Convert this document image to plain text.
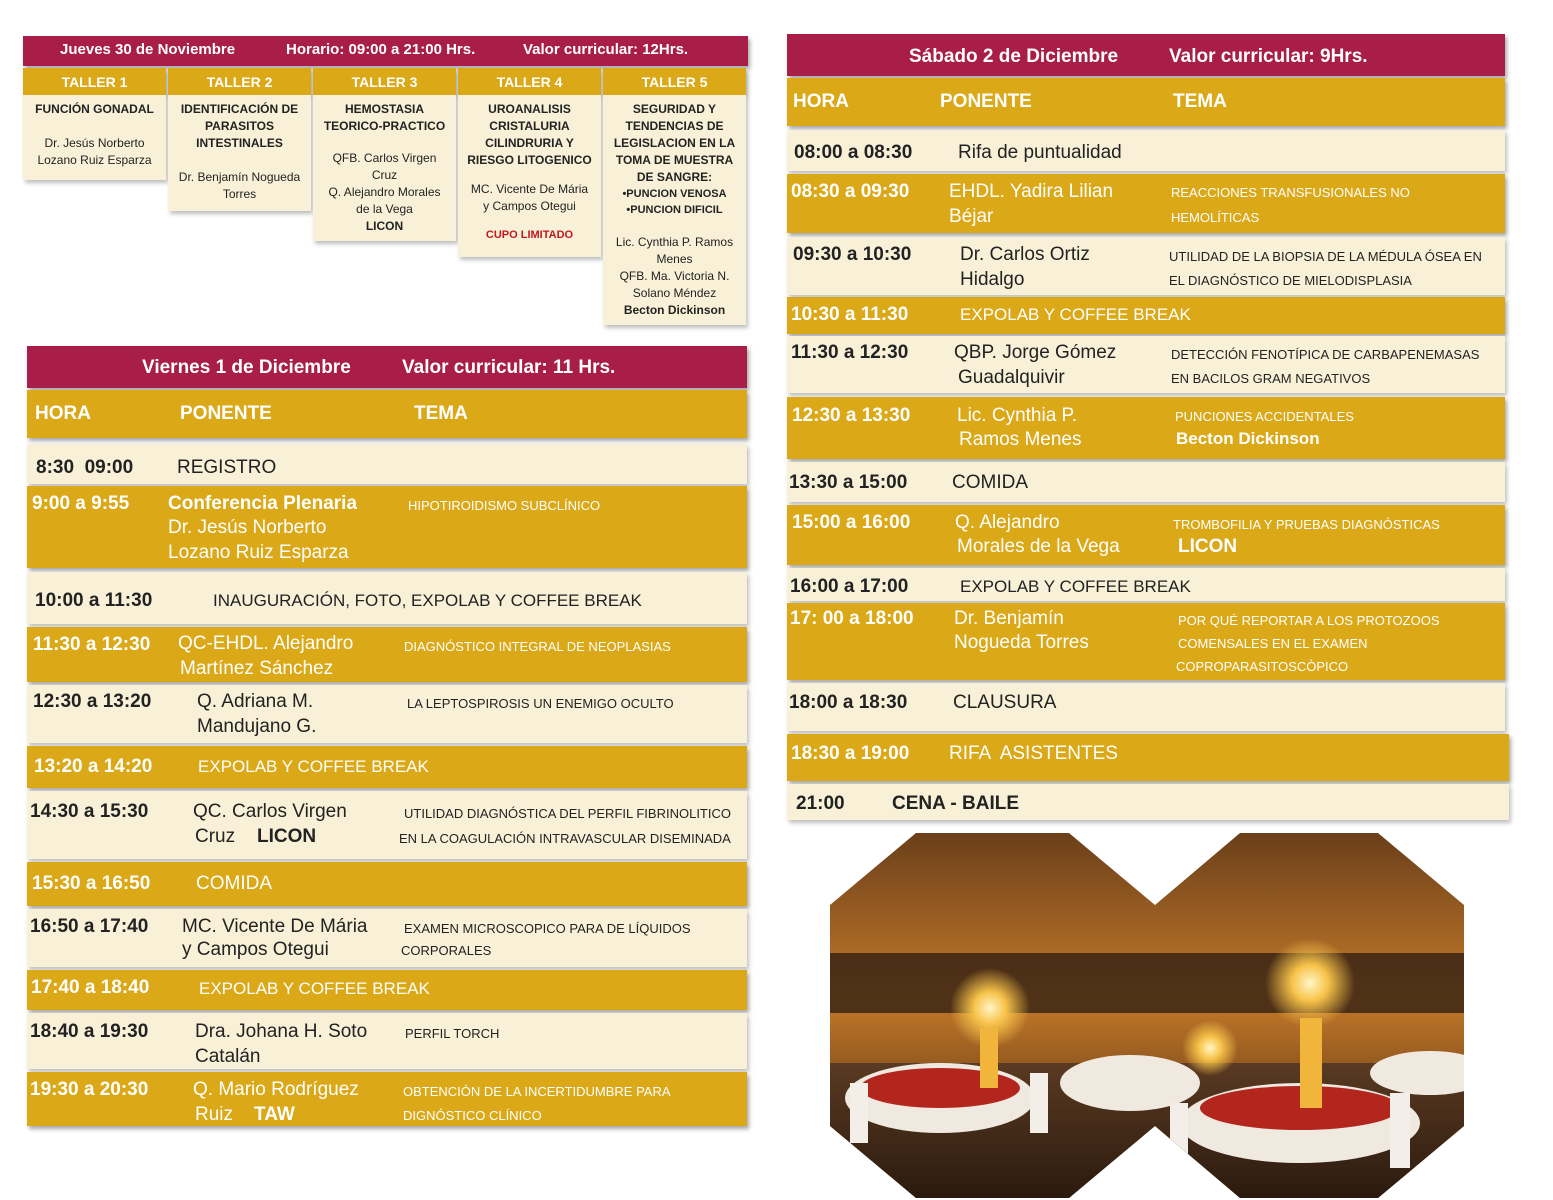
Jueves 30 de Noviembre	Horario: 09:00 a 21:00 Hrs.	Valor curricular: 12Hrs.
TALLER 1
FUNCIÓN GONADAL
Dr. Jesús Norberto
Lozano Ruiz Esparza
TALLER 2
IDENTIFICACIÓN DE PARASITOS INTESTINALES
Dr. Benjamín Nogueda
Torres
TALLER 3
HEMOSTASIA TEORICO-PRACTICO
QFB. Carlos Virgen
Cruz
Q. Alejandro Morales
de la Vega
LICON
TALLER 4
UROANALISIS CRISTALURIA CILINDRURIA Y RIESGO LITOGENICO
MC. Vicente De Mária
y Campos Otegui
CUPO LIMITADO
TALLER 5
SEGURIDAD Y TENDENCIAS DE LEGISLACION EN LA TOMA DE MUESTRA DE SANGRE:
•PUNCION VENOSA
•PUNCION DIFICIL
Lic. Cynthia P. Ramos
Menes
QFB. Ma. Victoria N.
Solano Méndez
Becton Dickinson
Viernes 1 de Diciembre	Valor curricular: 11 Hrs.
HORA	PONENTE	TEMA
8:30  09:00 REGISTRO
9:00 a 9:55 Conferencia Plenaria
Dr. Jesús Norberto
Lozano Ruiz Esparza
HIPOTIROIDISMO SUBCLÍNICO
10:00 a 11:30	INAUGURACIÓN, FOTO, EXPOLAB Y COFFEE BREAK
11:30 a 12:30 QC-EHDL. Alejandro
Martínez Sánchez
DIAGNÓSTICO INTEGRAL DE NEOPLASIAS
12:30 a 13:20 Q. Adriana M.
Mandujano G.
LA LEPTOSPIROSIS UN ENEMIGO OCULTO
13:20 a 14:20	EXPOLAB Y COFFEE BREAK
14:30 a 15:30 QC. Carlos Virgen
Cruz LICON
UTILIDAD DIAGNÓSTICA DEL PERFIL FIBRINOLITICO
EN LA COAGULACIÓN INTRAVASCULAR DISEMINADA
15:30 a 16:50 COMIDA
16:50 a 17:40 MC. Vicente De Mária
y Campos Otegui
EXAMEN MICROSCOPICO PARA DE LÍQUIDOS
CORPORALES
17:40 a 18:40	EXPOLAB Y COFFEE BREAK
18:40 a 19:30 Dra. Johana H. Soto
Catalán
PERFIL TORCH
19:30 a 20:30 Q. Mario Rodríguez
Ruiz TAW
OBTENCIÓN DE LA INCERTIDUMBRE PARA
DIGNÓSTICO CLÍNICO
Sábado 2 de Diciembre	Valor curricular: 9Hrs.
HORA	PONENTE	TEMA
08:00 a 08:30 Rifa de puntualidad
08:30 a 09:30 EHDL. Yadira Lilian
Béjar
REACCIONES TRANSFUSIONALES NO
HEMOLÍTICAS
09:30 a 10:30	Dr. Carlos Ortiz
Hidalgo
UTILIDAD DE LA BIOPSIA DE LA MÉDULA ÓSEA EN
EL DIAGNÓSTICO DE MIELODISPLASIA
10:30 a 11:30	EXPOLAB Y COFFEE BREAK
11:30 a 12:30 QBP. Jorge Gómez
Guadalquivir
DETECCIÓN FENOTÍPICA DE CARBAPENEMASAS
EN BACILOS GRAM NEGATIVOS
12:30 a 13:30 Lic. Cynthia P.
Ramos Menes
PUNCIONES ACCIDENTALES
Becton Dickinson
13:30 a 15:00 COMIDA
15:00 a 16:00 Q. Alejandro
Morales de la Vega
TROMBOFILIA Y PRUEBAS DIAGNÓSTICAS
LICON
16:00 a 17:00	EXPOLAB Y COFFEE BREAK
17: 00 a 18:00 Dr. Benjamín
Nogueda Torres
POR QUÉ REPORTAR A LOS PROTOZOOS
COMENSALES EN EL EXAMEN
COPROPARASITOSCÒPICO
18:00 a 18:30 CLAUSURA
18:30 a 19:00 RIFA  ASISTENTES
21:00 CENA - BAILE
